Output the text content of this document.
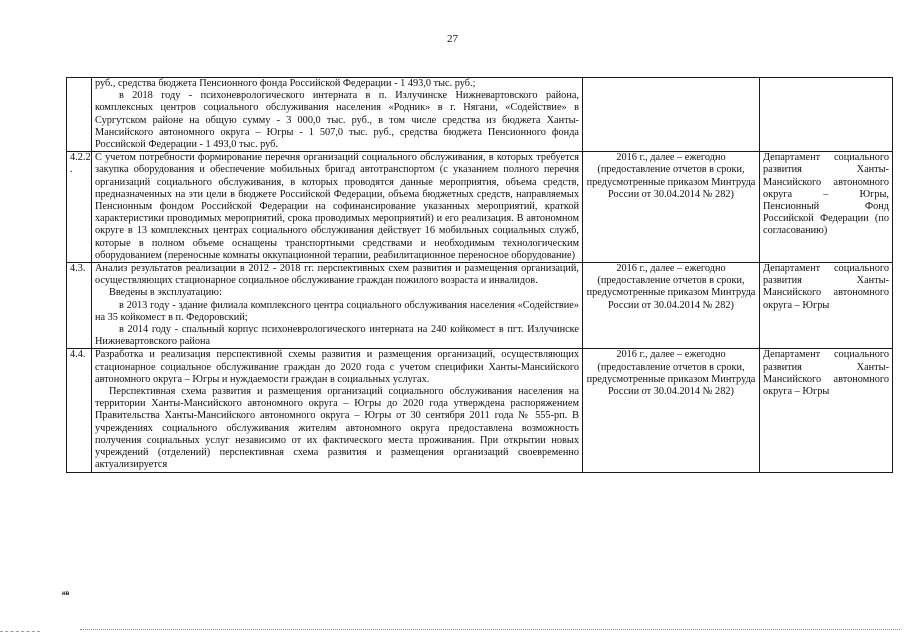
27

	руб., средства бюджета Пенсионного фонда Российской Федерации - 1 493,0 тыс. руб.;
в 2018 году - психоневрологического интерната в п. Излучинске Нижневартовского района, комплексных центров социального обслуживания населения «Родник» в г. Нягани, «Содействие» в Сургутском районе на общую сумму - 3 000,0 тыс. руб., в том числе средства из бюджета Ханты-Мансийского автономного округа – Югры - 1 507,0 тыс. руб., средства бюджета Пенсионного фонда Российской Федерации - 1 493,0 тыс. руб.		

4.2.2 .	С учетом потребности формирование перечня организаций социального обслуживания, в которых требуется закупка оборудования и обеспечение мобильных бригад автотранспортом (с указанием полного перечня организаций социального обслуживания, в которых проводятся данные мероприятия, объема средств, предназначенных на эти цели в бюджете Российской Федерации, объема бюджетных средств, направляемых Пенсионным фондом Российской Федерации на софинансирование указанных мероприятий, краткой характеристики проводимых мероприятий, срока проводимых мероприятий) и его реализация. В автономном округе в 13 комплексных центрах социального обслуживания действует 16 мобильных социальных служб, которые в полном объеме оснащены транспортными средствами и необходимым технологическим оборудованием (переносные комнаты оккупационной терапии, реабилитационное переносное оборудование)	2016 г., далее – ежегодно (предоставление отчетов в сроки, предусмотренные приказом Минтруда России от 30.04.2014 № 282)	Департамент социального развития Ханты-Мансийского автономного округа – Югры, Пенсионный Фонд Российской Федерации (по согласованию)
4.3.	Анализ результатов реализации в 2012 - 2018 гг. перспективных схем развития и размещения организаций, осуществляющих стационарное социальное обслуживание граждан пожилого возраста и инвалидов.
Введены в эксплуатацию:
в 2013 году - здание филиала комплексного центра социального обслуживания населения «Содействие» на 35 койкомест в п. Федоровский;
в 2014 году - спальный корпус психоневрологического интерната на 240 койкомест в пгт. Излучинске Нижневартовского района	2016 г., далее – ежегодно (предоставление отчетов в сроки, предусмотренные приказом Минтруда России от 30.04.2014 № 282)	Департамент социального развития Ханты-Мансийского автономного округа – Югры
4.4.	Разработка и реализация перспективной схемы развития и размещения организаций, осуществляющих стационарное социальное обслуживание граждан до 2020 года с учетом специфики Ханты-Мансийского автономного округа – Югры и нуждаемости граждан в социальных услугах.
Перспективная схема развития и размещения организаций социального обслуживания населения на территории Ханты-Мансийского автономного округа – Югры до 2020 года утверждена распоряжением Правительства Ханты-Мансийского автономного округа – Югры от 30 сентября 2011 года № 555-рп. В учреждениях социального обслуживания жителям автономного округа предоставлена возможность получения социальных услуг независимо от их фактического места проживания. При открытии новых учреждений (отделений) перспективная схема развития и размещения организаций своевременно актуализируется	2016 г., далее – ежегодно (предоставление отчетов в сроки, предусмотренные приказом Минтруда России от 30.04.2014 № 282)	Департамент социального развития Ханты-Мансийского автономного округа – Югры
нв
